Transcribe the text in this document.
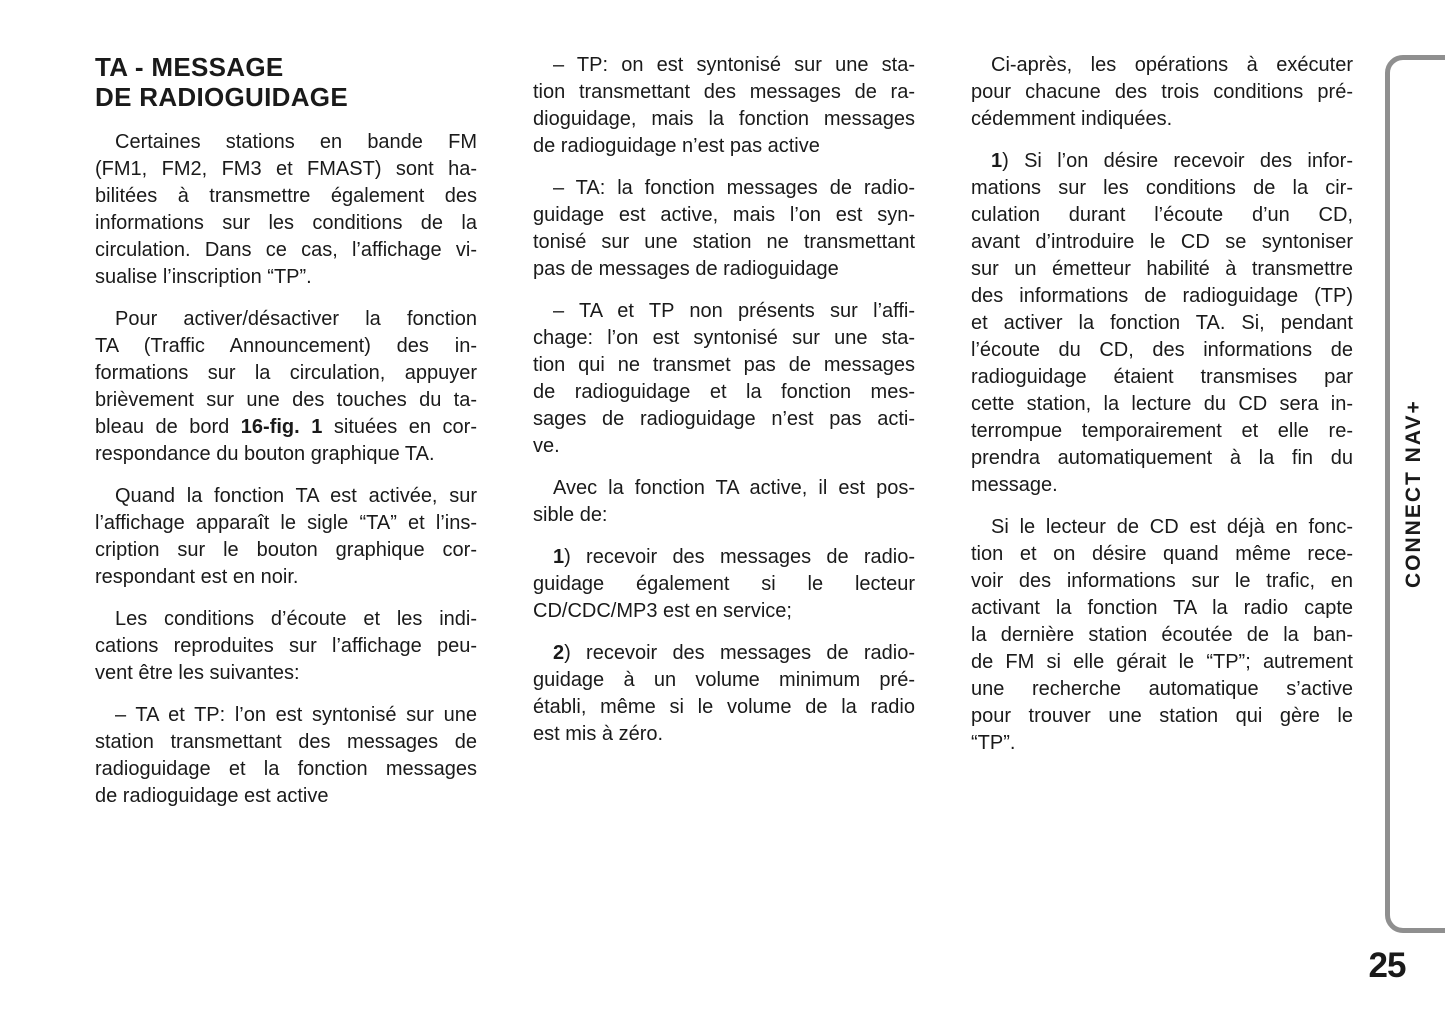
TA - MESSAGE
DE RADIOGUIDAGE
Certaines stations en bande FM
(FM1, FM2, FM3 et FMAST) sont ha-
bilitées à transmettre également des
informations sur les conditions de la
circulation. Dans ce cas, l’affichage vi-
sualise l’inscription “TP”.
Pour activer/désactiver la fonction
TA (Traffic Announcement) des in-
formations sur la circulation, appuyer
brièvement sur une des touches du ta-
bleau de bord 16-fig. 1 situées en cor-
respondance du bouton graphique TA.
Quand la fonction TA est activée, sur
l’affichage apparaît le sigle “TA” et l’ins-
cription sur le bouton graphique cor-
respondant est en noir.
Les conditions d’écoute et les indi-
cations reproduites sur l’affichage peu-
vent être les suivantes:
– TA et TP: l’on est syntonisé sur une
station transmettant des messages de
radioguidage et la fonction messages
de radioguidage est active
– TP: on est syntonisé sur une sta-
tion transmettant des messages de ra-
dioguidage, mais la fonction messages
de radioguidage n’est pas active
– TA: la fonction messages de radio-
guidage est active, mais l’on est syn-
tonisé sur une station ne transmettant
pas de messages de radioguidage
– TA et TP non présents sur l’affi-
chage: l’on est syntonisé sur une sta-
tion qui ne transmet pas de messages
de radioguidage et la fonction mes-
sages de radioguidage n’est pas acti-
ve.
Avec la fonction TA active, il est pos-
sible de:
1) recevoir des messages de radio-
guidage également si le lecteur
CD/CDC/MP3 est en service;
2) recevoir des messages de radio-
guidage à un volume minimum pré-
établi, même si le volume de la radio
est mis à zéro.
Ci-après, les opérations à exécuter
pour chacune des trois conditions pré-
cédemment indiquées.
1) Si l’on désire recevoir des infor-
mations sur les conditions de la cir-
culation durant l’écoute d’un CD,
avant d’introduire le CD se syntoniser
sur un émetteur habilité à transmettre
des informations de radioguidage (TP)
et activer la fonction TA. Si, pendant
l’écoute du CD, des informations de
radioguidage étaient transmises par
cette station, la lecture du CD sera in-
terrompue temporairement et elle re-
prendra automatiquement à la fin du
message.
Si le lecteur de CD est déjà en fonc-
tion et on désire quand même rece-
voir des informations sur le trafic, en
activant la fonction TA la radio capte
la dernière station écoutée de la ban-
de FM si elle gérait le “TP”; autrement
une recherche automatique s’active
pour trouver une station qui gère le
“TP”.
CONNECT NAV+
25
